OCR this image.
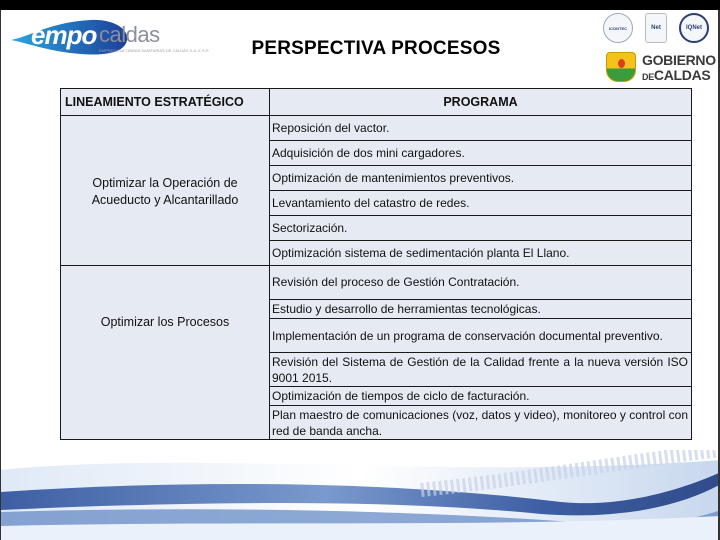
empo caldas
EMPRESA DE OBRAS SANITARIAS DE CALDAS S.A. E.S.P.	PERSPECTIVA PROCESOS
ICONTEC	Net	IQNet
GOBIERNO
DECALDAS
LINEAMIENTO ESTRATÉGICO	PROGRAMA
Optimizar la Operación de Acueducto y Alcantarillado	Reposición del vactor.
	Adquisición de dos mini cargadores.
	Optimización de mantenimientos preventivos.
	Levantamiento del catastro de redes.
	Sectorización.
	Optimización sistema de sedimentación planta El Llano.
Optimizar los Procesos	Revisión del proceso de Gestión Contratación.
	Estudio y desarrollo de herramientas tecnológicas.
	Implementación de un programa de conservación documental preventivo.
	Revisión del Sistema de Gestión de la Calidad frente a la nueva versión ISO 9001 2015.
	Optimización de tiempos de ciclo de facturación.
	Plan maestro de comunicaciones (voz, datos y video), monitoreo y control con red de banda ancha.
